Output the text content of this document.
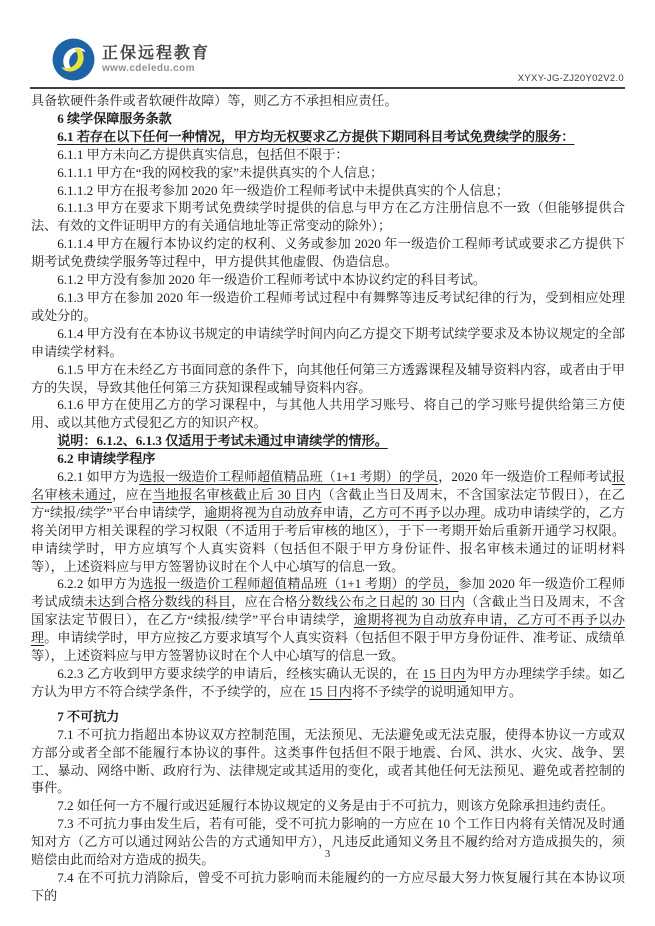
正保远程教育
www.cdeledu.com
XYXY-JG-ZJ20Y02V2.0

具备软硬件条件或者软硬件故障）等，则乙方不承担相应责任。

6 续学保障服务条款

6.1 若存在以下任何一种情况，甲方均无权要求乙方提供下期同科目考试免费续学的服务：

6.1.1 甲方未向乙方提供真实信息，包括但不限于：

6.1.1.1 甲方在“我的网校我的家”未提供真实的个人信息；

6.1.1.2 甲方在报考参加 2020 年一级造价工程师考试中未提供真实的个人信息；

6.1.1.3 甲方在要求下期考试免费续学时提供的信息与甲方在乙方注册信息不一致（但能够提供合法、有效的文件证明甲方的有关通信地址等正常变动的除外）；

6.1.1.4 甲方在履行本协议约定的权利、义务或参加 2020 年一级造价工程师考试或要求乙方提供下期考试免费续学服务等过程中，甲方提供其他虚假、伪造信息。

6.1.2 甲方没有参加 2020 年一级造价工程师考试中本协议约定的科目考试。

6.1.3 甲方在参加 2020 年一级造价工程师考试过程中有舞弊等违反考试纪律的行为，受到相应处理或处分的。

6.1.4 甲方没有在本协议书规定的申请续学时间内向乙方提交下期考试续学要求及本协议规定的全部申请续学材料。

6.1.5 甲方在未经乙方书面同意的条件下，向其他任何第三方透露课程及辅导资料内容，或者由于甲方的失误，导致其他任何第三方获知课程或辅导资料内容。

6.1.6 甲方在使用乙方的学习课程中，与其他人共用学习账号、将自己的学习账号提供给第三方使用、或以其他方式侵犯乙方的知识产权。

说明：6.1.2、6.1.3 仅适用于考试未通过申请续学的情形。

6.2 申请续学程序

6.2.1 如甲方为选报一级造价工程师超值精品班（1+1 考期）的学员，2020 年一级造价工程师考试报名审核未通过，应在当地报名审核截止后 30 日内（含截止当日及周末，不含国家法定节假日），在乙方“续报/续学”平台申请续学，逾期将视为自动放弃申请，乙方可不再予以办理。成功申请续学的，乙方将关闭甲方相关课程的学习权限（不适用于考后审核的地区），于下一考期开始后重新开通学习权限。申请续学时，甲方应填写个人真实资料（包括但不限于甲方身份证件、报名审核未通过的证明材料等），上述资料应与甲方签署协议时在个人中心填写的信息一致。

6.2.2 如甲方为选报一级造价工程师超值精品班（1+1 考期）的学员，参加 2020 年一级造价工程师考试成绩未达到合格分数线的科目，应在合格分数线公布之日起的 30 日内（含截止当日及周末，不含国家法定节假日），在乙方“续报/续学”平台申请续学，逾期将视为自动放弃申请，乙方可不再予以办理。申请续学时，甲方应按乙方要求填写个人真实资料（包括但不限于甲方身份证件、准考证、成绩单等），上述资料应与甲方签署协议时在个人中心填写的信息一致。

6.2.3 乙方收到甲方要求续学的申请后，经核实确认无误的，在 15 日内为甲方办理续学手续。如乙方认为甲方不符合续学条件，不予续学的，应在 15 日内将不予续学的说明通知甲方。

7 不可抗力

7.1 不可抗力指超出本协议双方控制范围，无法预见、无法避免或无法克服，使得本协议一方或双方部分或者全部不能履行本协议的事件。这类事件包括但不限于地震、台风、洪水、火灾、战争、罢工、暴动、网络中断、政府行为、法律规定或其适用的变化，或者其他任何无法预见、避免或者控制的事件。

7.2 如任何一方不履行或迟延履行本协议规定的义务是由于不可抗力，则该方免除承担违约责任。

7.3 不可抗力事由发生后，若有可能，受不可抗力影响的一方应在 10 个工作日内将有关情况及时通知对方（乙方可以通过网站公告的方式通知甲方），凡违反此通知义务且不履约给对方造成损失的，须赔偿由此而给对方造成的损失。

7.4 在不可抗力消除后，曾受不可抗力影响而未能履约的一方应尽最大努力恢复履行其在本协议项下的

3
